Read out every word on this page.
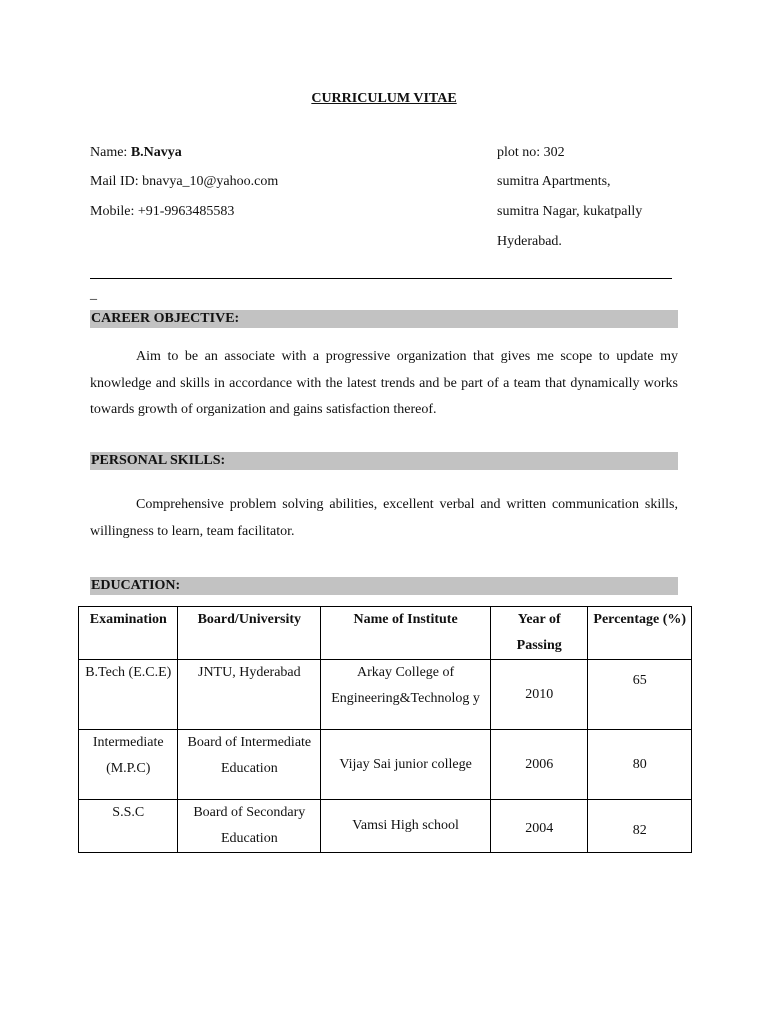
CURRICULUM VITAE
Name: B.Navya
Mail ID: bnavya_10@yahoo.com
Mobile: +91-9963485583
plot no: 302
sumitra Apartments,
sumitra Nagar, kukatpally
Hyderabad.
_
CAREER OBJECTIVE:
Aim to be an associate with a progressive organization that gives me scope to update my knowledge and skills in accordance with the latest trends and be part of a team that dynamically works towards growth of organization and gains satisfaction thereof.
PERSONAL SKILLS:
Comprehensive problem solving abilities, excellent verbal and written communication skills, willingness to learn, team facilitator.
EDUCATION:
Examination	Board/University	Name of Institute	Year of Passing	Percentage (%)
B.Tech (E.C.E)	JNTU, Hyderabad	Arkay College of Engineering&Technolog y	2010	65
Intermediate (M.P.C)	Board of Intermediate Education	Vijay Sai junior college	2006	80
S.S.C	Board of Secondary Education	Vamsi High school	2004	82
